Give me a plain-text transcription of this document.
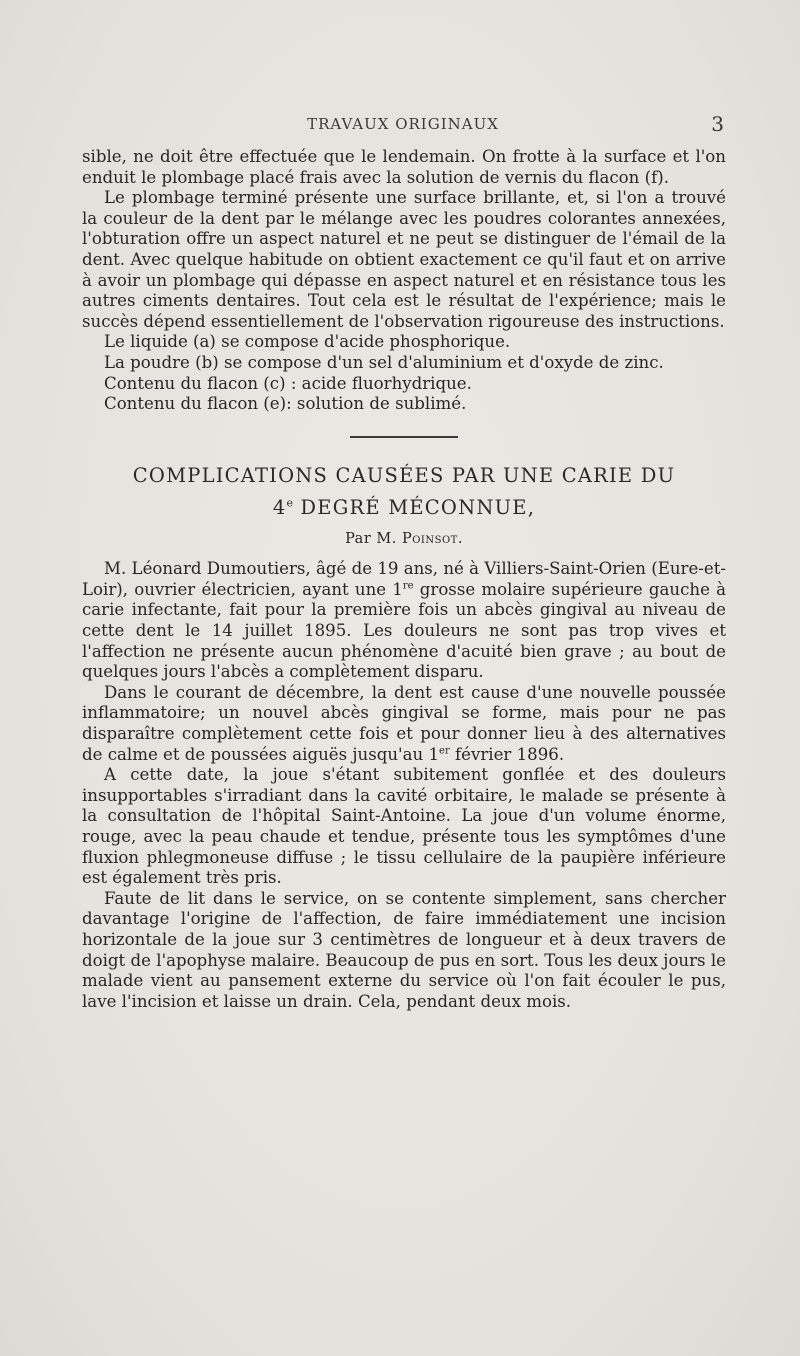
TRAVAUX ORIGINAUX	3

sible, ne doit être effectuée que le lendemain. On frotte à la surface et l'on enduit le plombage placé frais avec la solution de vernis du flacon (f).

Le plombage terminé présente une surface brillante, et, si l'on a trouvé la couleur de la dent par le mélange avec les poudres colorantes annexées, l'obturation offre un aspect naturel et ne peut se distinguer de l'émail de la dent. Avec quelque habitude on obtient exactement ce qu'il faut et on arrive à avoir un plombage qui dépasse en aspect naturel et en résistance tous les autres ciments dentaires. Tout cela est le résultat de l'expérience; mais le succès dépend essentiellement de l'observation rigoureuse des instructions.

Le liquide (a) se compose d'acide phosphorique.

La poudre (b) se compose d'un sel d'aluminium et d'oxyde de zinc.

Contenu du flacon (c) : acide fluorhydrique.

Contenu du flacon (e): solution de sublimé.

COMPLICATIONS CAUSÉES PAR UNE CARIE DU
4e DEGRÉ MÉCONNUE,

Par M. Poinsot.

M. Léonard Dumoutiers, âgé de 19 ans, né à Villiers-Saint-Orien (Eure-et-Loir), ouvrier électricien, ayant une 1re grosse molaire supérieure gauche à carie infectante, fait pour la première fois un abcès gingival au niveau de cette dent le 14 juillet 1895. Les douleurs ne sont pas trop vives et l'affection ne présente aucun phénomène d'acuité bien grave ; au bout de quelques jours l'abcès a complètement disparu.

Dans le courant de décembre, la dent est cause d'une nouvelle poussée inflammatoire; un nouvel abcès gingival se forme, mais pour ne pas disparaître complètement cette fois et pour donner lieu à des alternatives de calme et de poussées aiguës jusqu'au 1er février 1896.

A cette date, la joue s'étant subitement gonflée et des douleurs insupportables s'irradiant dans la cavité orbitaire, le malade se présente à la consultation de l'hôpital Saint-Antoine. La joue d'un volume énorme, rouge, avec la peau chaude et tendue, présente tous les symptômes d'une fluxion phlegmoneuse diffuse ; le tissu cellulaire de la paupière inférieure est également très pris.

Faute de lit dans le service, on se contente simplement, sans chercher davantage l'origine de l'affection, de faire immédiatement une incision horizontale de la joue sur 3 centimètres de longueur et à deux travers de doigt de l'apophyse malaire. Beaucoup de pus en sort. Tous les deux jours le malade vient au pansement externe du service où l'on fait écouler le pus, lave l'incision et laisse un drain. Cela, pendant deux mois.
